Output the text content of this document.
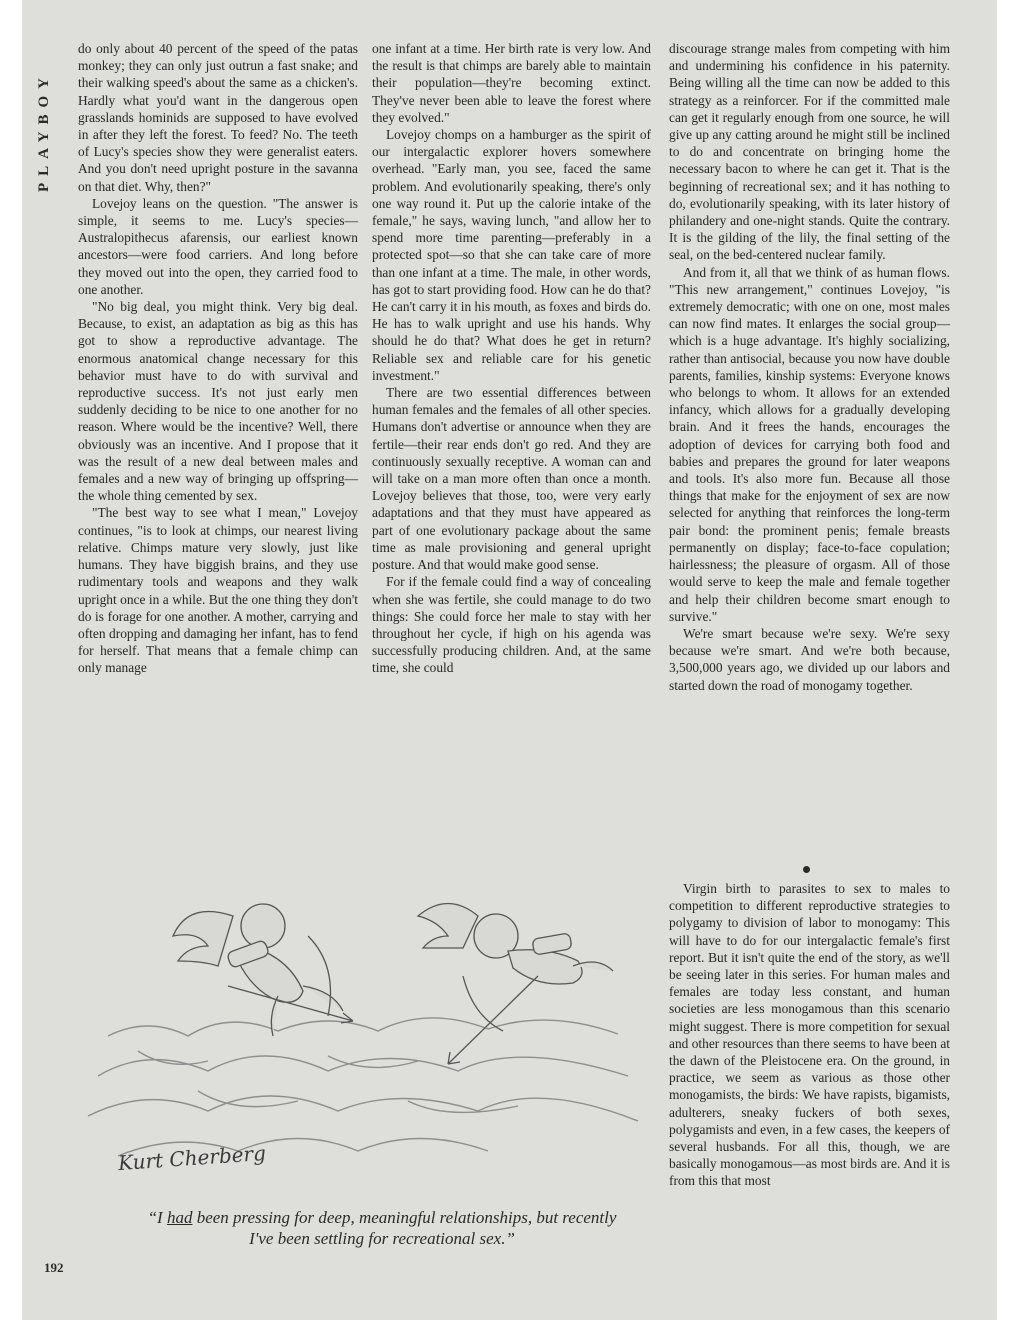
PLAYBOY

do only about 40 percent of the speed of the patas monkey; they can only just outrun a fast snake; and their walking speed's about the same as a chicken's. Hardly what you'd want in the dangerous open grasslands hominids are supposed to have evolved in after they left the forest. To feed? No. The teeth of Lucy's species show they were generalist eaters. And you don't need upright posture in the savanna on that diet. Why, then?"

Lovejoy leans on the question. "The answer is simple, it seems to me. Lucy's species—Australopithecus afarensis, our earliest known ancestors—were food carriers. And long before they moved out into the open, they carried food to one another.

"No big deal, you might think. Very big deal. Because, to exist, an adaptation as big as this has got to show a reproductive advantage. The enormous anatomical change necessary for this behavior must have to do with survival and reproductive success. It's not just early men suddenly deciding to be nice to one another for no reason. Where would be the incentive? Well, there obviously was an incentive. And I propose that it was the result of a new deal between males and females and a new way of bringing up offspring—the whole thing cemented by sex.

"The best way to see what I mean," Lovejoy continues, "is to look at chimps, our nearest living relative. Chimps mature very slowly, just like humans. They have biggish brains, and they use rudimentary tools and weapons and they walk upright once in a while. But the one thing they don't do is forage for one another. A mother, carrying and often dropping and damaging her infant, has to fend for herself. That means that a female chimp can only manage

one infant at a time. Her birth rate is very low. And the result is that chimps are barely able to maintain their population—they're becoming extinct. They've never been able to leave the forest where they evolved."

Lovejoy chomps on a hamburger as the spirit of our intergalactic explorer hovers somewhere overhead. "Early man, you see, faced the same problem. And evolutionarily speaking, there's only one way round it. Put up the calorie intake of the female," he says, waving lunch, "and allow her to spend more time parenting—preferably in a protected spot—so that she can take care of more than one infant at a time. The male, in other words, has got to start providing food. How can he do that? He can't carry it in his mouth, as foxes and birds do. He has to walk upright and use his hands. Why should he do that? What does he get in return? Reliable sex and reliable care for his genetic investment."

There are two essential differences between human females and the females of all other species. Humans don't advertise or announce when they are fertile—their rear ends don't go red. And they are continuously sexually receptive. A woman can and will take on a man more often than once a month. Lovejoy believes that those, too, were very early adaptations and that they must have appeared as part of one evolutionary package about the same time as male provisioning and general upright posture. And that would make good sense.

For if the female could find a way of concealing when she was fertile, she could manage to do two things: She could force her male to stay with her throughout her cycle, if high on his agenda was successfully producing children. And, at the same time, she could

discourage strange males from competing with him and undermining his confidence in his paternity. Being willing all the time can now be added to this strategy as a reinforcer. For if the committed male can get it regularly enough from one source, he will give up any catting around he might still be inclined to do and concentrate on bringing home the necessary bacon to where he can get it. That is the beginning of recreational sex; and it has nothing to do, evolutionarily speaking, with its later history of philandery and one-night stands. Quite the contrary. It is the gilding of the lily, the final setting of the seal, on the bed-centered nuclear family.

And from it, all that we think of as human flows. "This new arrangement," continues Lovejoy, "is extremely democratic; with one on one, most males can now find mates. It enlarges the social group—which is a huge advantage. It's highly socializing, rather than antisocial, because you now have double parents, families, kinship systems: Everyone knows who belongs to whom. It allows for an extended infancy, which allows for a gradually developing brain. And it frees the hands, encourages the adoption of devices for carrying both food and babies and prepares the ground for later weapons and tools. It's also more fun. Because all those things that make for the enjoyment of sex are now selected for anything that reinforces the long-term pair bond: the prominent penis; female breasts permanently on display; face-to-face copulation; hairlessness; the pleasure of orgasm. All of those would serve to keep the male and female together and help their children become smart enough to survive."

We're smart because we're sexy. We're sexy because we're smart. And we're both because, 3,500,000 years ago, we divided up our labors and started down the road of monogamy together.

Virgin birth to parasites to sex to males to competition to different reproductive strategies to polygamy to division of labor to monogamy: This will have to do for our intergalactic female's first report. But it isn't quite the end of the story, as we'll be seeing later in this series. For human males and females are today less constant, and human societies are less monogamous than this scenario might suggest. There is more competition for sexual and other resources than there seems to have been at the dawn of the Pleistocene era. On the ground, in practice, we seem as various as those other monogamists, the birds: We have rapists, bigamists, adulterers, sneaky fuckers of both sexes, polygamists and even, in a few cases, the keepers of several husbands. For all this, though, we are basically monogamous—as most birds are. And it is from this that most

Kurt Cherberg
“I had been pressing for deep, meaningful relationships, but recently I've been settling for recreational sex.”
192
